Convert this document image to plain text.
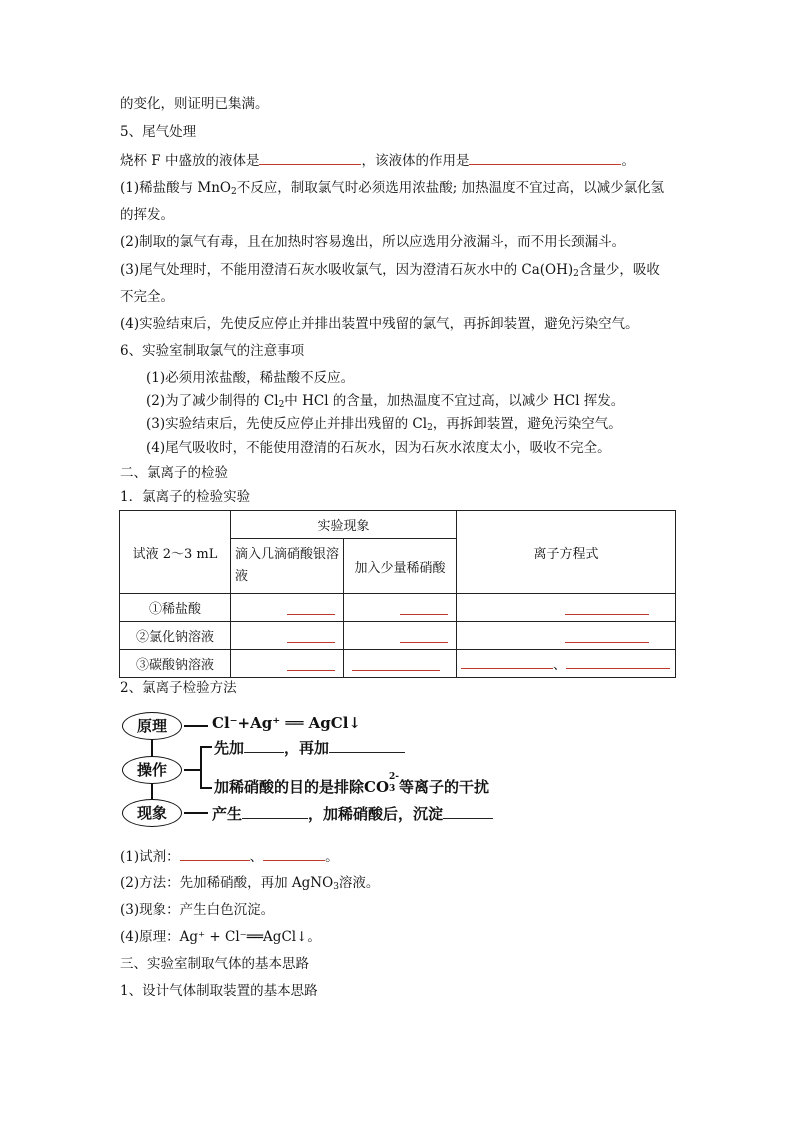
的变化，则证明已集满。
5、尾气处理
烧杯 F 中盛放的液体是	，该液体的作用是	。
(1)稀盐酸与 MnO$_2$不反应，制取氯气时必须选用浓盐酸; 加热温度不宜过高，以减少氯化氢
的挥发。
(2)制取的氯气有毒，且在加热时容易逸出，所以应选用分液漏斗，而不用长颈漏斗。
(3)尾气处理时，不能用澄清石灰水吸收氯气，因为澄清石灰水中的 $Ca(OH)_2$含量少，吸收
不完全。
(4)实验结束后，先使反应停止并排出装置中残留的氯气，再拆卸装置，避免污染空气。
6、实验室制取氯气的注意事项
(1)必须用浓盐酸，稀盐酸不反应。
(2)为了减少制得的 $Cl_2$中 HCl 的含量，加热温度不宜过高，以减少 HCl 挥发。
(3)实验结束后，先使反应停止并排出残留的 $Cl_2$，再拆卸装置，避免污染空气。
(4)尾气吸收时，不能使用澄清的石灰水，因为石灰水浓度太小，吸收不完全。
二、氯离子的检验
1．氯离子的检验实验
试液 2～3 mL	实验现象		离子方程式
	滴入几滴硝酸银溶液	加入少量稀硝酸	
①稀盐酸	

②氯化钠溶液	

③碳酸钠溶液			、
2、氯离子检验方法
原理	Cl⁻+Ag⁺ ══ AgCl↓
操作
先加	，再加
加稀硝酸的目的是排除CO
2-
3 等离子的干扰
现象	产生	，加稀硝酸后，沉淀
(1)试剂：	、	。
(2)方法：先加稀硝酸，再加 AgNO$_3$溶液。
(3)现象：产生白色沉淀。
(4)原理：Ag⁺ + Cl⁻══AgCl↓。
三、实验室制取气体的基本思路
1、设计气体制取装置的基本思路
